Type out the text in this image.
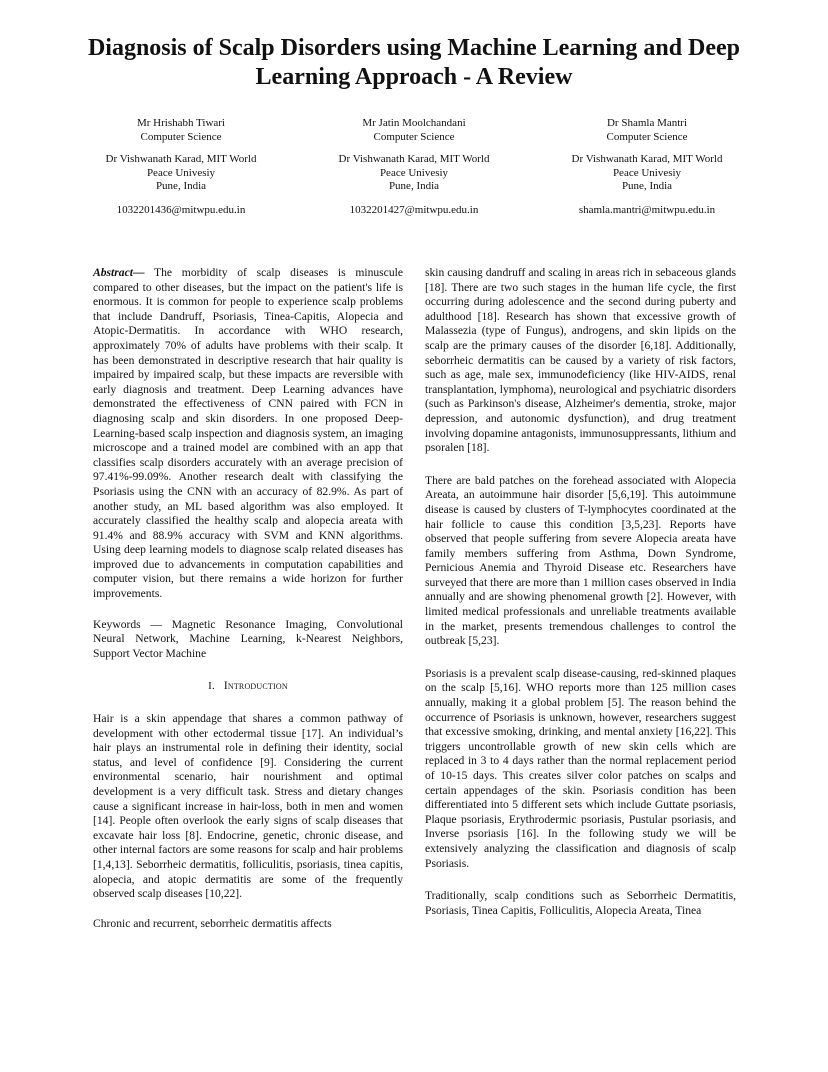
Diagnosis of Scalp Disorders using Machine Learning and Deep Learning Approach - A Review
Mr Hrishabh Tiwari
Computer Science
Dr Vishwanath Karad, MIT World
Peace Univesiy
Pune, India
1032201436@mitwpu.edu.in
Mr Jatin Moolchandani
Computer Science
Dr Vishwanath Karad, MIT World
Peace Univesiy
Pune, India
1032201427@mitwpu.edu.in
Dr Shamla Mantri
Computer Science
Dr Vishwanath Karad, MIT World
Peace Univesiy
Pune, India
shamla.mantri@mitwpu.edu.in

Abstract— The morbidity of scalp diseases is minuscule compared to other diseases, but the impact on the patient's life is enormous. It is common for people to experience scalp problems that include Dandruff, Psoriasis, Tinea-Capitis, Alopecia and Atopic-Dermatitis. In accordance with WHO research, approximately 70% of adults have problems with their scalp. It has been demonstrated in descriptive research that hair quality is impaired by impaired scalp, but these impacts are reversible with early diagnosis and treatment. Deep Learning advances have demonstrated the effectiveness of CNN paired with FCN in diagnosing scalp and skin disorders. In one proposed Deep-Learning-based scalp inspection and diagnosis system, an imaging microscope and a trained model are combined with an app that classifies scalp disorders accurately with an average precision of 97.41%-99.09%. Another research dealt with classifying the Psoriasis using the CNN with an accuracy of 82.9%. As part of another study, an ML based algorithm was also employed. It accurately classified the healthy scalp and alopecia areata with 91.4% and 88.9% accuracy with SVM and KNN algorithms. Using deep learning models to diagnose scalp related diseases has improved due to advancements in computation capabilities and computer vision, but there remains a wide horizon for further improvements.

Keywords — Magnetic Resonance Imaging, Convolutional Neural Network, Machine Learning, k-Nearest Neighbors, Support Vector Machine

I. Introduction

Hair is a skin appendage that shares a common pathway of development with other ectodermal tissue [17]. An individual’s hair plays an instrumental role in defining their identity, social status, and level of confidence [9]. Considering the current environmental scenario, hair nourishment and optimal development is a very difficult task. Stress and dietary changes cause a significant increase in hair-loss, both in men and women [14]. People often overlook the early signs of scalp diseases that excavate hair loss [8]. Endocrine, genetic, chronic disease, and other internal factors are some reasons for scalp and hair problems [1,4,13]. Seborrheic dermatitis, folliculitis, psoriasis, tinea capitis, alopecia, and atopic dermatitis are some of the frequently observed scalp diseases [10,22].

Chronic and recurrent, seborrheic dermatitis affects

skin causing dandruff and scaling in areas rich in sebaceous glands [18]. There are two such stages in the human life cycle, the first occurring during adolescence and the second during puberty and adulthood [18]. Research has shown that excessive growth of Malassezia (type of Fungus), androgens, and skin lipids on the scalp are the primary causes of the disorder [6,18]. Additionally, seborrheic dermatitis can be caused by a variety of risk factors, such as age, male sex, immunodeficiency (like HIV-AIDS, renal transplantation, lymphoma), neurological and psychiatric disorders (such as Parkinson's disease, Alzheimer's dementia, stroke, major depression, and autonomic dysfunction), and drug treatment involving dopamine antagonists, immunosuppressants, lithium and psoralen [18].

There are bald patches on the forehead associated with Alopecia Areata, an autoimmune hair disorder [5,6,19]. This autoimmune disease is caused by clusters of T-lymphocytes coordinated at the hair follicle to cause this condition [3,5,23]. Reports have observed that people suffering from severe Alopecia areata have family members suffering from Asthma, Down Syndrome, Pernicious Anemia and Thyroid Disease etc. Researchers have surveyed that there are more than 1 million cases observed in India annually and are showing phenomenal growth [2]. However, with limited medical professionals and unreliable treatments available in the market, presents tremendous challenges to control the outbreak [5,23].

Psoriasis is a prevalent scalp disease-causing, red-skinned plaques on the scalp [5,16]. WHO reports more than 125 million cases annually, making it a global problem [5]. The reason behind the occurrence of Psoriasis is unknown, however, researchers suggest that excessive smoking, drinking, and mental anxiety [16,22]. This triggers uncontrollable growth of new skin cells which are replaced in 3 to 4 days rather than the normal replacement period of 10-15 days. This creates silver color patches on scalps and certain appendages of the skin. Psoriasis condition has been differentiated into 5 different sets which include Guttate psoriasis, Plaque psoriasis, Erythrodermic psoriasis, Pustular psoriasis, and Inverse psoriasis [16]. In the following study we will be extensively analyzing the classification and diagnosis of scalp Psoriasis.

Traditionally, scalp conditions such as Seborrheic Dermatitis, Psoriasis, Tinea Capitis, Folliculitis, Alopecia Areata, Tinea
